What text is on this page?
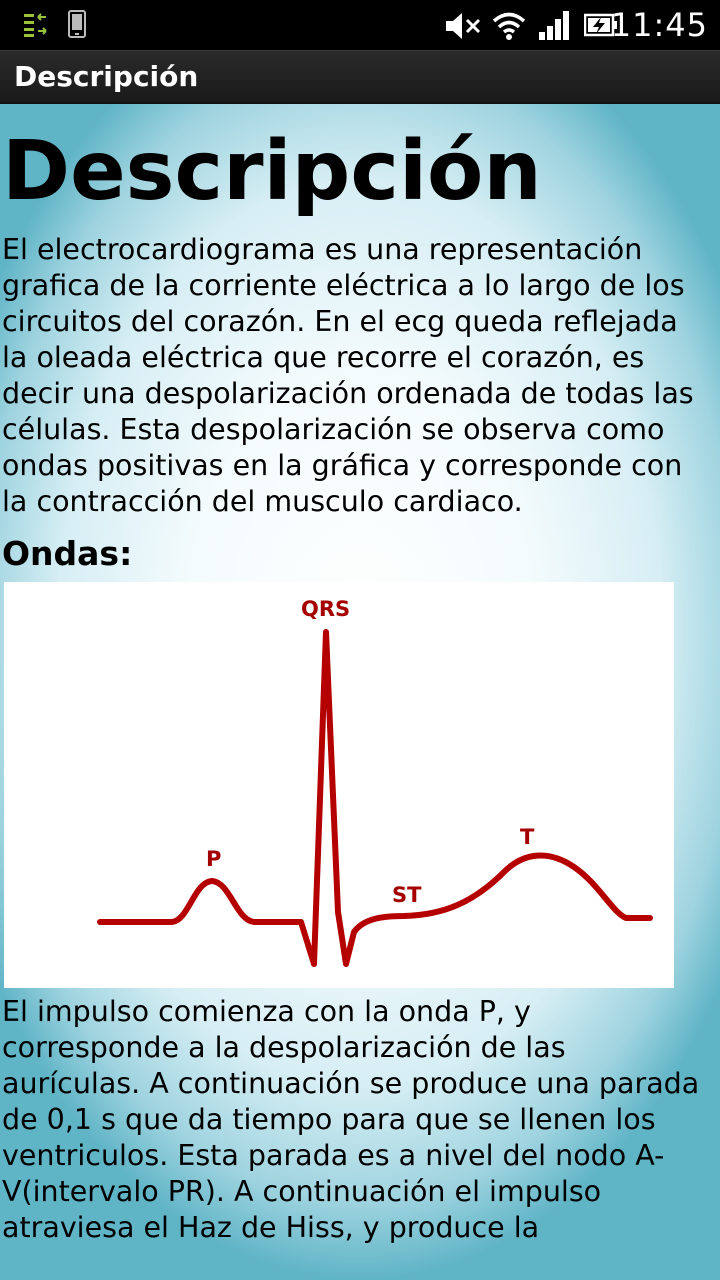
11:45
Descripción
Descripción

El electrocardiograma es una representación grafica de la corriente eléctrica a lo largo de los circuitos del corazón. En el ecg queda reflejada la oleada eléctrica que recorre el corazón, es decir una despolarización ordenada de todas las células. Esta despolarización se observa como ondas positivas en la gráfica y corresponde con la contracción del musculo cardiaco.

Ondas:
P
QRS
ST
T

El impulso comienza con la onda P, y corresponde a la despolarización de las aurículas. A continuación se produce una parada de 0,1 s que da tiempo para que se llenen los ventriculos. Esta parada es a nivel del nodo A-V(intervalo PR). A continuación el impulso atraviesa el Haz de Hiss, y produce la
